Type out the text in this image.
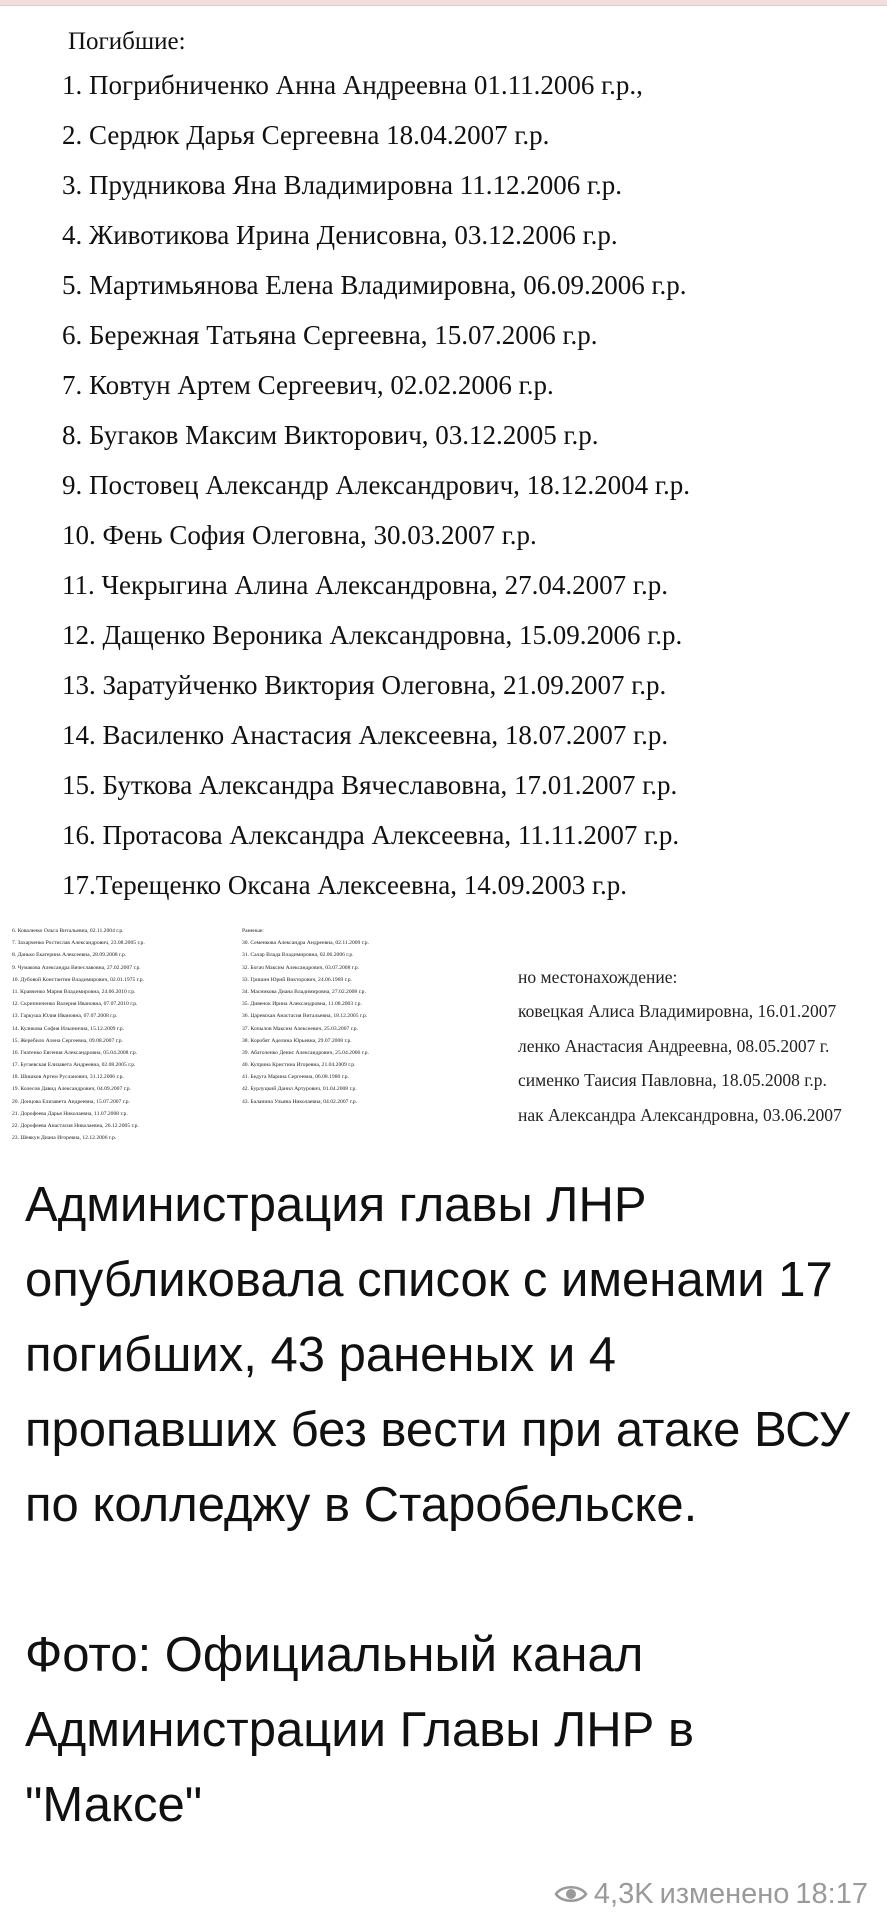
Погибшие:
1. Погрибниченко Анна Андреевна 01.11.2006 г.р.,
2. Сердюк Дарья Сергеевна 18.04.2007 г.р.
3. Прудникова Яна Владимировна 11.12.2006 г.р.
4. Животикова Ирина Денисовна, 03.12.2006 г.р.
5. Мартимьянова Елена Владимировна, 06.09.2006 г.р.
6. Бережная Татьяна Сергеевна, 15.07.2006 г.р.
7. Ковтун Артем Сергеевич, 02.02.2006 г.р.
8. Бугаков Максим Викторович, 03.12.2005 г.р.
9. Постовец Александр Александрович, 18.12.2004 г.р.
10. Фень София Олеговна, 30.03.2007 г.р.
11. Чекрыгина Алина Александровна, 27.04.2007 г.р.
12. Дащенко Вероника Александровна, 15.09.2006 г.р.
13. Заратуйченко Виктория Олеговна, 21.09.2007 г.р.
14. Василенко Анастасия Алексеевна, 18.07.2007 г.р.
15. Буткова Александра Вячеславовна, 17.01.2007 г.р.
16. Протасова Александра Алексеевна, 11.11.2007 г.р.
17.Терещенко Оксана Алексеевна, 14.09.2003 г.р.
6. Коваленко Ольга Витальевна, 02.11.2004 г.р.
7. Захарченко Ростислав Александрович, 23.08.2005 г.р.
8. Данько Екатерина Алексеевна, 28.09.2008 г.р.
9. Чумакова Александра Вячеславовна, 27.02.2007 г.р.
10. Дубовой Константин Владимирович, 02.01.1975 г.р.
11. Кравченко Мария Владимировна, 24.06.2010 г.р.
12. Скрипниченко Валерия Ивановна, 07.07.2010 г.р.
13. Гаркуша Юлия Ивановна, 07.07.2008 г.р.
14. Куликова София Ильинична, 15.12.2009 г.р.
15. Жеребило Алена Сергеевна, 09.08.2007 г.р.
16. Гнатенко Евгения Александровна, 05.04.2008 г.р.
17. Бугаевская Елизавета Андреевна, 02.08.2005 г.р.
18. Шишков Артем Русланович, 31.12.2006 г.р.
19. Колесов Давид Александрович, 04.09.2007 г.р.
20. Донцова Елизавета Андреевна, 15.07.2007 г.р.
21. Дорофеева Дарья Николаевна, 11.07.2008 г.р.
22. Дорофеева Анастасия Николаевна, 26.12.2005 г.р.
23. Шевкун Диана Игоревна, 12.12.2006 г.р.
Раненые:
30. Семенкова Александра Андреевна, 02.11.2009 г.р.
31. Салар Влада Владимировна, 02.06.2006 г.р.
32. Богач Максим Александрович, 03.07.2008 г.р.
33. Гришин Юрий Викторович, 24.06.1969 г.р.
34. Масникова Диана Владимировна, 27.02.2008 г.р.
35. Дивенок Ирина Александровна, 11.08.2003 г.р.
36. Царевская Анастасия Витальевна, 18.12.2005 г.р.
37. Копылов Максим Алексеевич, 25.03.2007 г.р.
38. Коробят Аделина Юрьевна, 29.07.2008 г.р.
39. Абатоленко Денис Александрович, 25.04.2006 г.р.
40. Куприна Кристина Игоревна, 21.04.2009 г.р.
41. Бедуга Марина Сергеевна, 06.08.1980 г.р.
42. Бурлуцкий Данил Артурович, 01.04.2008 г.р.
43. Баланина Ульяна Николаевна, 04.02.2007 г.р.
но местонахождение:
ковецкая Алиса Владимировна, 16.01.2007
ленко Анастасия Андреевна, 08.05.2007 г.
сименко Таисия Павловна, 18.05.2008 г.р.
нак Александра Александровна, 03.06.2007

Администрация главы ЛНР опубликовала список с именами 17 погибших, 43 раненых и 4 пропавших без вести при атаке ВСУ по колледжу в Старобельске.

Фото: Официальный канал Администрации Главы ЛНР в "Максе"

4,3K изменено 18:17
